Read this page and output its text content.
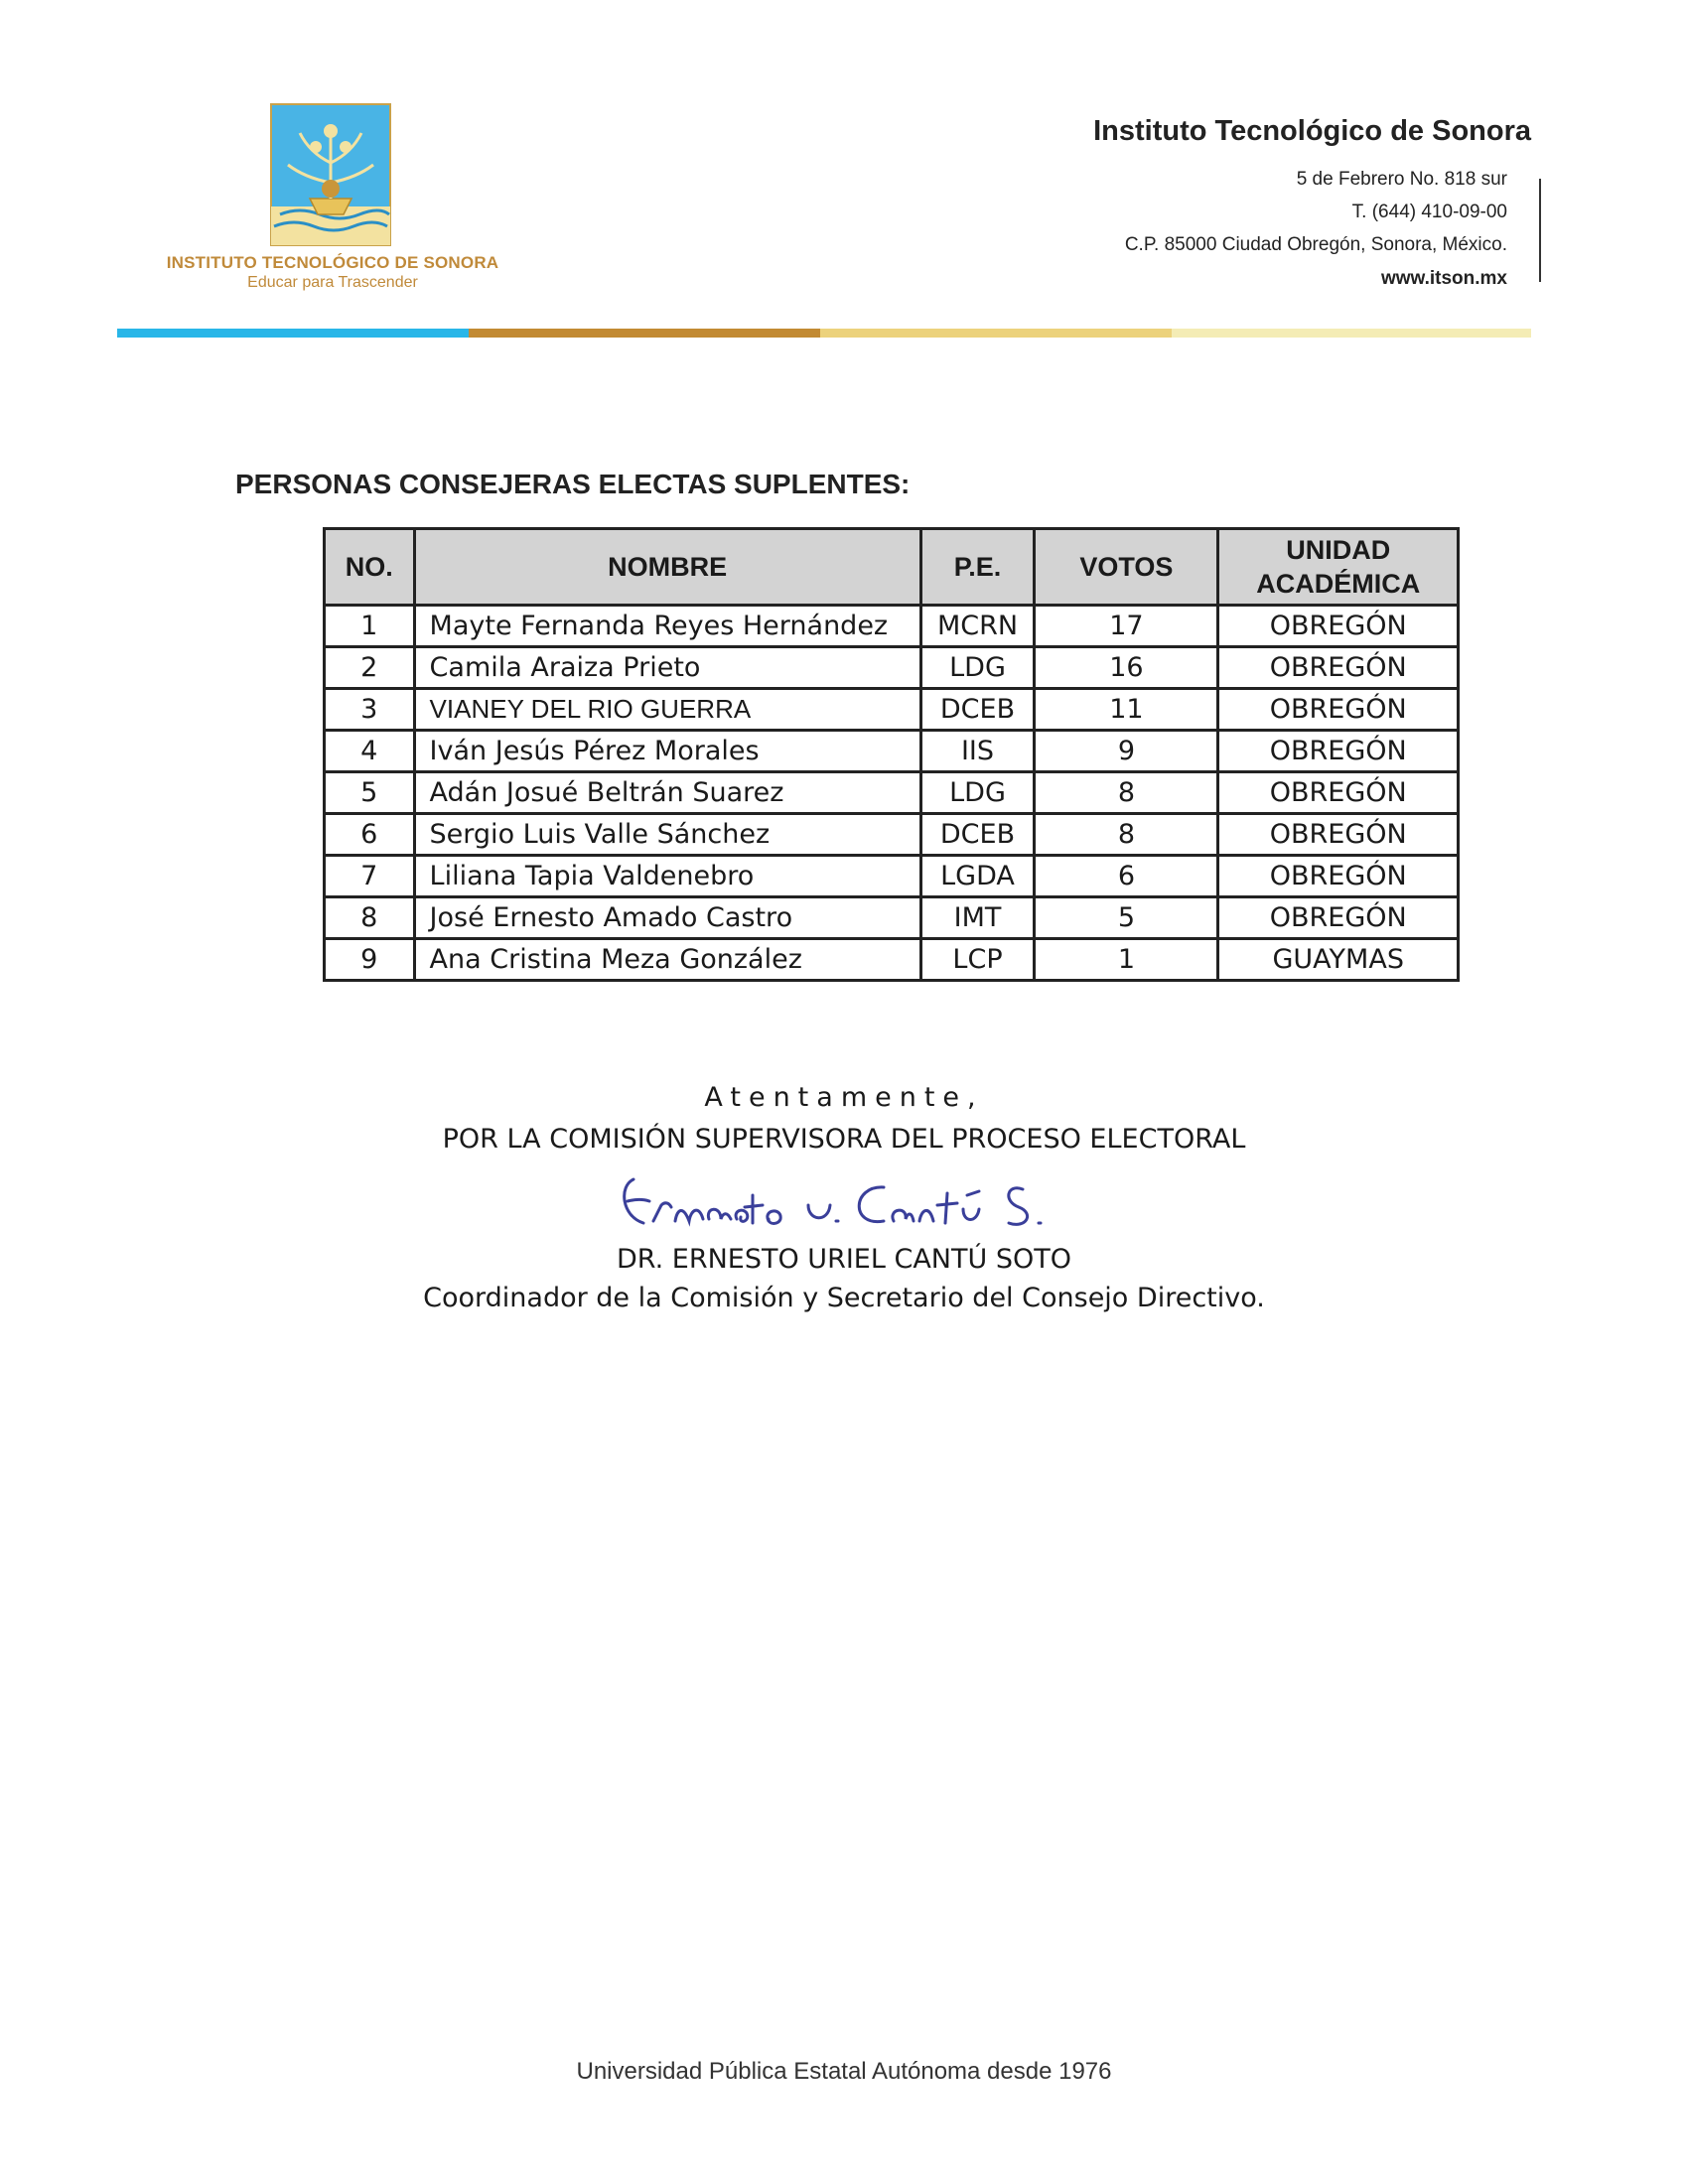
INSTITUTO TECNOLÓGICO DE SONORA
Educar para Trascender
Instituto Tecnológico de Sonora
5 de Febrero No. 818 sur
T. (644) 410-09-00
C.P. 85000 Ciudad Obregón, Sonora, México.
www.itson.mx
PERSONAS CONSEJERAS ELECTAS SUPLENTES:
NO.	NOMBRE	P.E.	VOTOS	UNIDAD
ACADÉMICA

1	Mayte Fernanda Reyes Hernández	MCRN	17	OBREGÓN
2	Camila Araiza Prieto	LDG	16	OBREGÓN
3	VIANEY DEL RIO GUERRA	DCEB	11	OBREGÓN
4	Iván Jesús Pérez Morales	IIS	9	OBREGÓN
5	Adán Josué Beltrán Suarez	LDG	8	OBREGÓN
6	Sergio Luis Valle Sánchez	DCEB	8	OBREGÓN
7	Liliana Tapia Valdenebro	LGDA	6	OBREGÓN
8	José Ernesto Amado Castro	IMT	5	OBREGÓN
9	Ana Cristina Meza González	LCP	1	GUAYMAS
Atentamente,
POR LA COMISIÓN SUPERVISORA DEL PROCESO ELECTORAL
DR. ERNESTO URIEL CANTÚ SOTO
Coordinador de la Comisión y Secretario del Consejo Directivo.
Universidad Pública Estatal Autónoma desde 1976
